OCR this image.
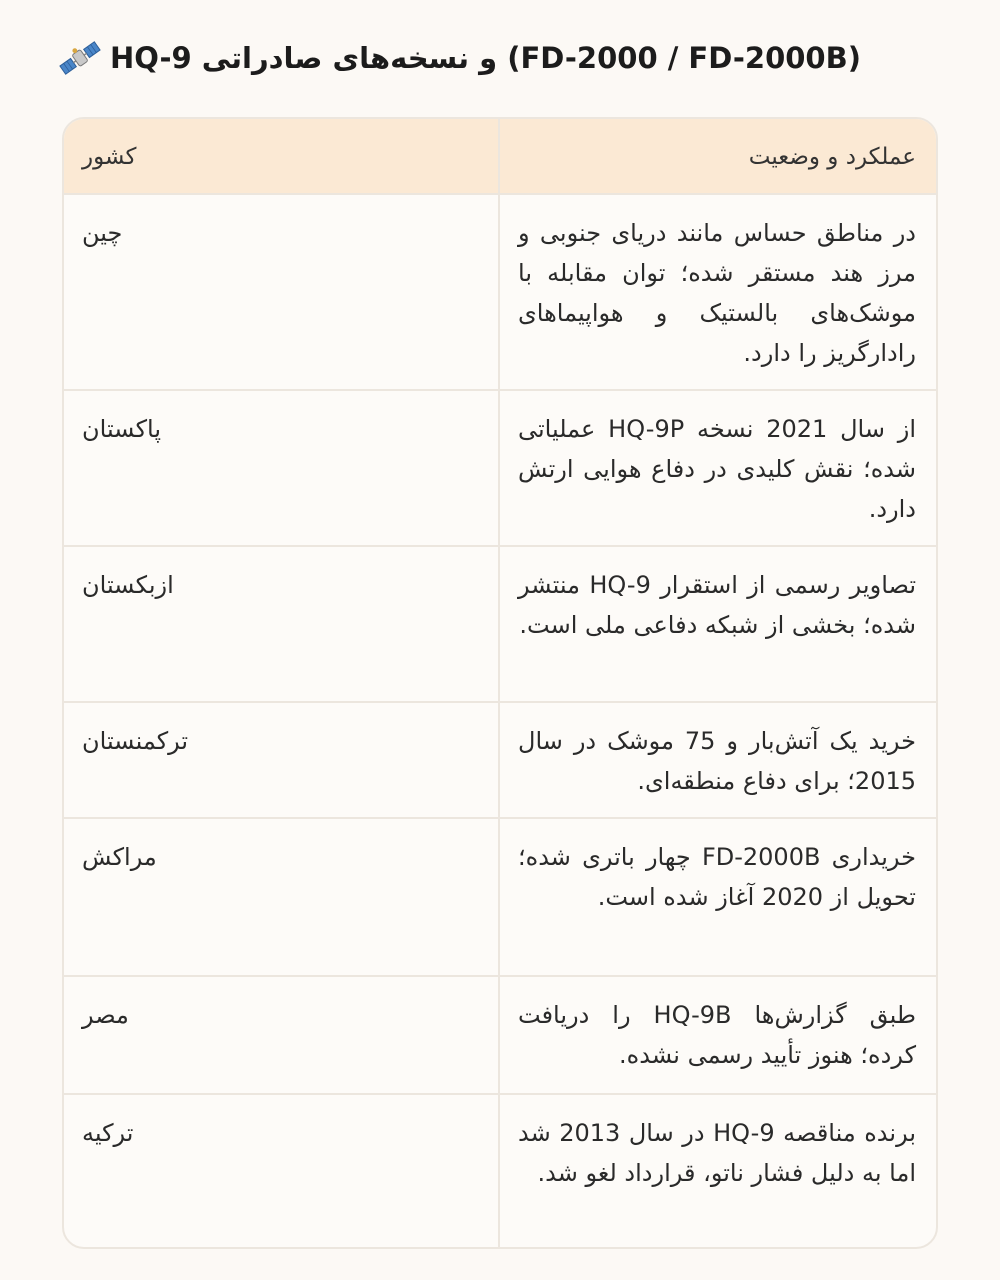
HQ-9 و نسخه‌های صادراتی (FD-2000 / FD-2000B)
کشور	عملکرد و وضعیت
چین	در مناطق حساس مانند دریای جنوبی و مرز هند مستقر شده؛ توان مقابله با موشک‌های بالستیک و هواپیماهای رادارگریز را دارد.
پاکستان	از سال 2021 نسخه HQ-9P عملیاتی شده؛ نقش کلیدی در دفاع هوایی ارتش دارد.
ازبکستان	تصاویر رسمی از استقرار HQ-9 منتشر شده؛ بخشی از شبکه دفاعی ملی است.
ترکمنستان	خرید یک آتش‌بار و 75 موشک در سال 2015؛ برای دفاع منطقه‌ای.
مراکش	خریداری FD-2000B چهار باتری شده؛ تحویل از 2020 آغاز شده است.
مصر	طبق گزارش‌ها HQ-9B را دریافت کرده؛ هنوز تأیید رسمی نشده.
ترکیه	برنده مناقصه HQ-9 در سال 2013 شد اما به دلیل فشار ناتو، قرارداد لغو شد.
